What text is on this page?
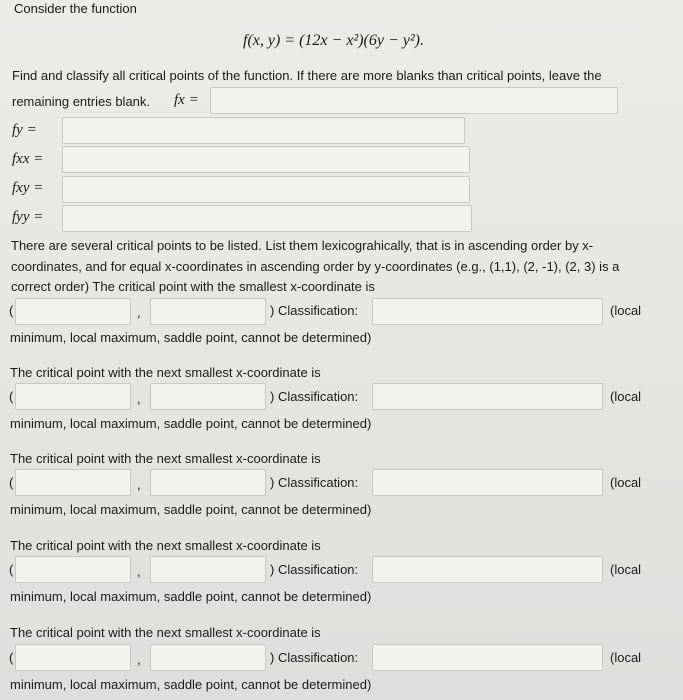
Consider the function
f(x, y) = (12x − x²)(6y − y²).
Find and classify all critical points of the function. If there are more blanks than critical points, leave the
remaining entries blank. fx =
fy =
fxx =
fxy =
fyy =
There are several critical points to be listed. List them lexicograhically, that is in ascending order by x-
coordinates, and for equal x-coordinates in ascending order by y-coordinates (e.g., (1,1), (2, -1), (2, 3) is a
correct order) The critical point with the smallest x-coordinate is
(	,	) Classification:	(local
minimum, local maximum, saddle point, cannot be determined)
The critical point with the next smallest x-coordinate is
(	,	) Classification:	(local
minimum, local maximum, saddle point, cannot be determined)
The critical point with the next smallest x-coordinate is
(	,	) Classification:	(local
minimum, local maximum, saddle point, cannot be determined)
The critical point with the next smallest x-coordinate is
(	,	) Classification:	(local
minimum, local maximum, saddle point, cannot be determined)
The critical point with the next smallest x-coordinate is
(	,	) Classification:	(local
minimum, local maximum, saddle point, cannot be determined)
